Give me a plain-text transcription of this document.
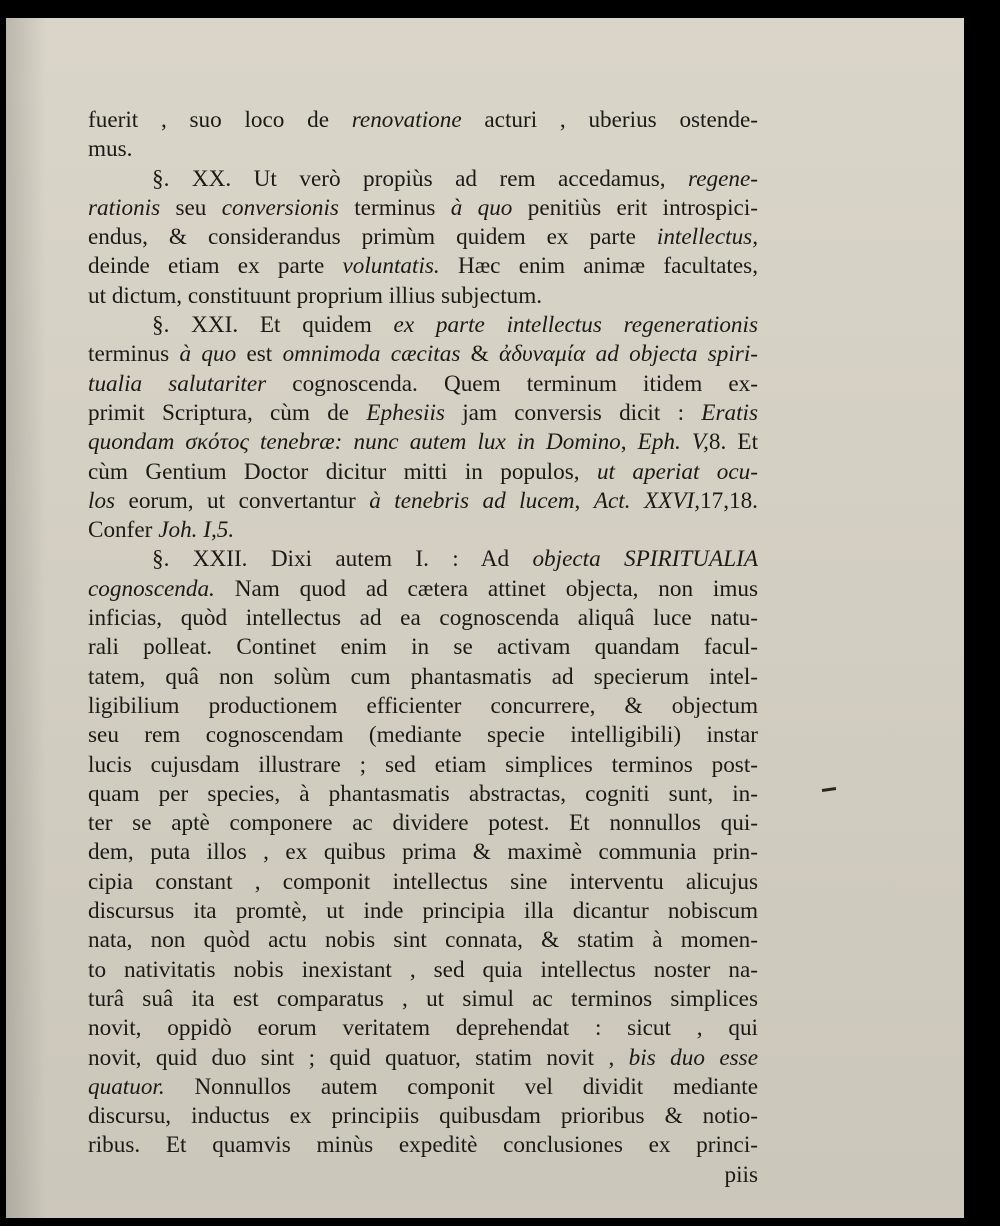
fuerit , suo loco de renovatione acturi , uberius ostende-
mus.
§. XX. Ut verò propiùs ad rem accedamus, regene-
rationis seu conversionis terminus à quo penitiùs erit introspici-
endus, & considerandus primùm quidem ex parte intellectus,
deinde etiam ex parte voluntatis. Hæc enim animæ facultates,
ut dictum, constituunt proprium illius subjectum.
§. XXI. Et quidem ex parte intellectus regenerationis
terminus à quo est omnimoda cæcitas & ἀδυναμία ad objecta spiri-
tualia salutariter cognoscenda. Quem terminum itidem ex-
primit Scriptura, cùm de Ephesiis jam conversis dicit : Eratis
quondam σκότος tenebræ: nunc autem lux in Domino, Eph. V,8. Et
cùm Gentium Doctor dicitur mitti in populos, ut aperiat ocu-
los eorum, ut convertantur à tenebris ad lucem, Act. XXVI,17,18.
Confer Joh. I,5.
§. XXII. Dixi autem I. : Ad objecta SPIRITUALIA
cognoscenda. Nam quod ad cætera attinet objecta, non imus
inficias, quòd intellectus ad ea cognoscenda aliquâ luce natu-
rali polleat. Continet enim in se activam quandam facul-
tatem, quâ non solùm cum phantasmatis ad specierum intel-
ligibilium productionem efficienter concurrere, & objectum
seu rem cognoscendam (mediante specie intelligibili) instar
lucis cujusdam illustrare ; sed etiam simplices terminos post-
quam per species, à phantasmatis abstractas, cogniti sunt, in-
ter se aptè componere ac dividere potest. Et nonnullos qui-
dem, puta illos , ex quibus prima & maximè communia prin-
cipia constant , componit intellectus sine interventu alicujus
discursus ita promtè, ut inde principia illa dicantur nobiscum
nata, non quòd actu nobis sint connata, & statim à momen-
to nativitatis nobis inexistant , sed quia intellectus noster na-
turâ suâ ita est comparatus , ut simul ac terminos simplices
novit, oppidò eorum veritatem deprehendat : sicut , qui
novit, quid duo sint ; quid quatuor, statim novit , bis duo esse
quatuor. Nonnullos autem componit vel dividit mediante
discursu, inductus ex principiis quibusdam prioribus & notio-
ribus. Et quamvis minùs expeditè conclusiones ex princi-
piis
